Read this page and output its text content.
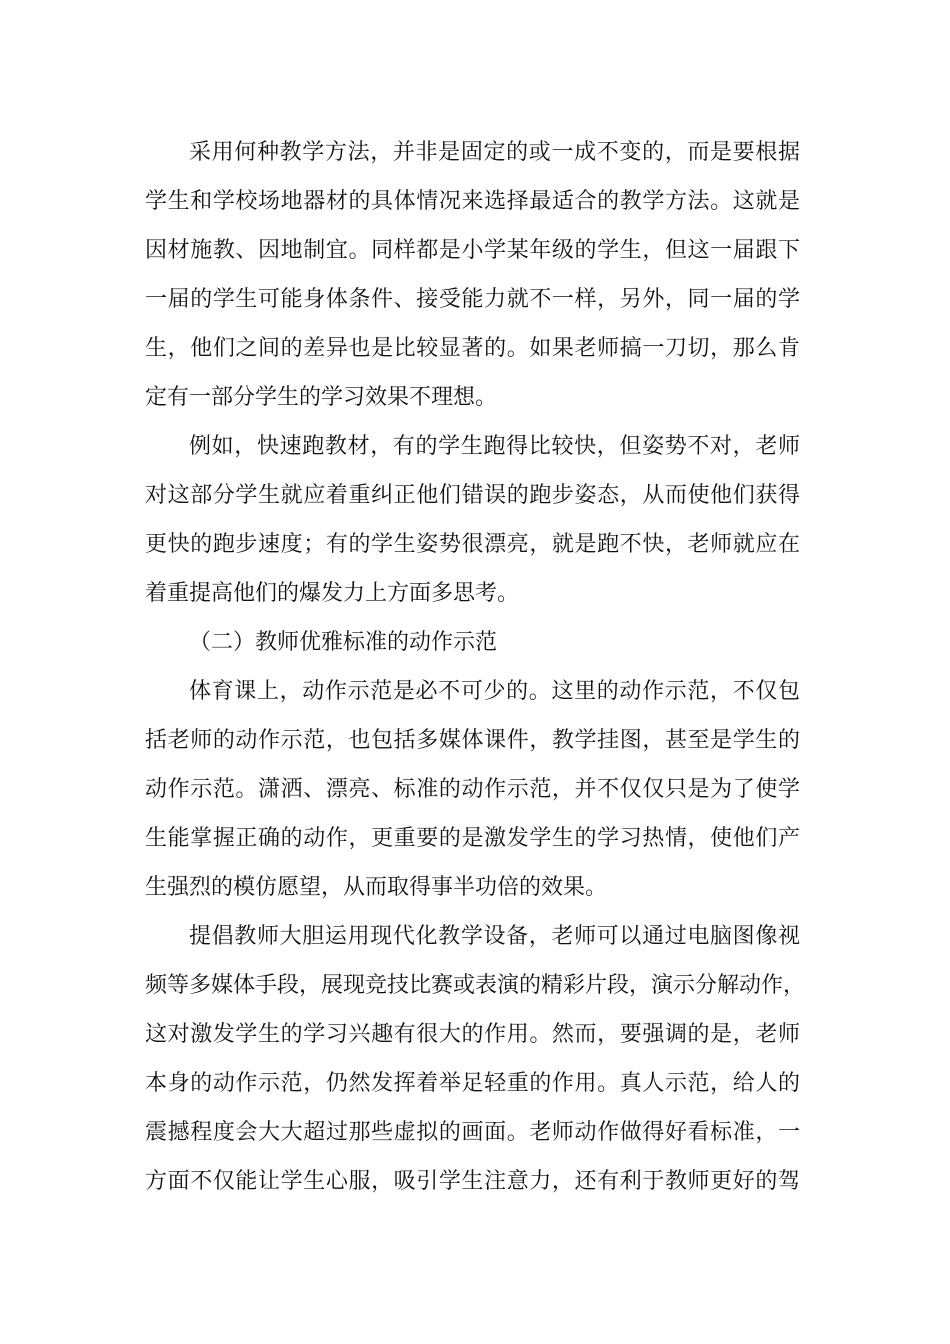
采用何种教学方法，并非是固定的或一成不变的，而是要根据
学生和学校场地器材的具体情况来选择最适合的教学方法。这就是
因材施教、因地制宜。同样都是小学某年级的学生，但这一届跟下
一届的学生可能身体条件、接受能力就不一样，另外，同一届的学
生，他们之间的差异也是比较显著的。如果老师搞一刀切，那么肯
定有一部分学生的学习效果不理想。
例如，快速跑教材，有的学生跑得比较快，但姿势不对，老师
对这部分学生就应着重纠正他们错误的跑步姿态，从而使他们获得
更快的跑步速度；有的学生姿势很漂亮，就是跑不快，老师就应在
着重提高他们的爆发力上方面多思考。
（二）教师优雅标准的动作示范
体育课上，动作示范是必不可少的。这里的动作示范，不仅包
括老师的动作示范，也包括多媒体课件，教学挂图，甚至是学生的
动作示范。潇洒、漂亮、标准的动作示范，并不仅仅只是为了使学
生能掌握正确的动作，更重要的是激发学生的学习热情，使他们产
生强烈的模仿愿望，从而取得事半功倍的效果。
提倡教师大胆运用现代化教学设备，老师可以通过电脑图像视
频等多媒体手段，展现竞技比赛或表演的精彩片段，演示分解动作，
这对激发学生的学习兴趣有很大的作用。然而，要强调的是，老师
本身的动作示范，仍然发挥着举足轻重的作用。真人示范，给人的
震撼程度会大大超过那些虚拟的画面。老师动作做得好看标准，一
方面不仅能让学生心服，吸引学生注意力，还有利于教师更好的驾
